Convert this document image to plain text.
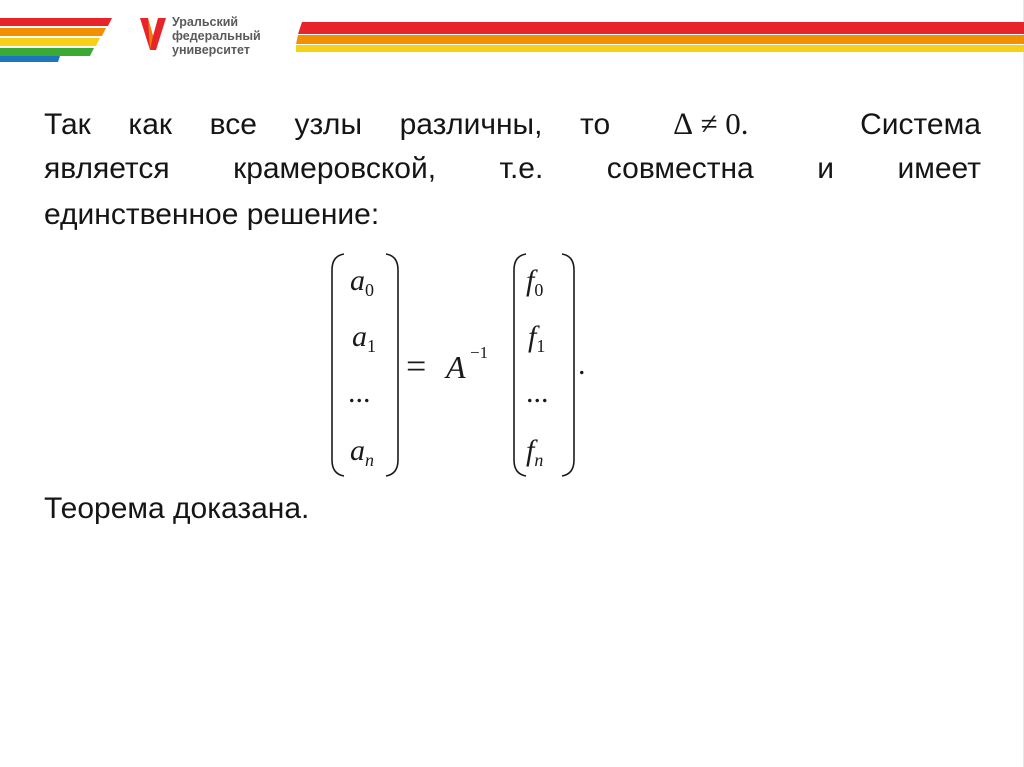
Уральский
федеральный
университет
Так как все узлы различны, то ∆ ≠ 0.	Система
является крамеровской, т.е. совместна и имеет
единственное решение:
$a_0$
$a_1$
...
$a_n$
= A −1
$f_0$
$f_1$
...
$f_n$
.
Теорема доказана.
